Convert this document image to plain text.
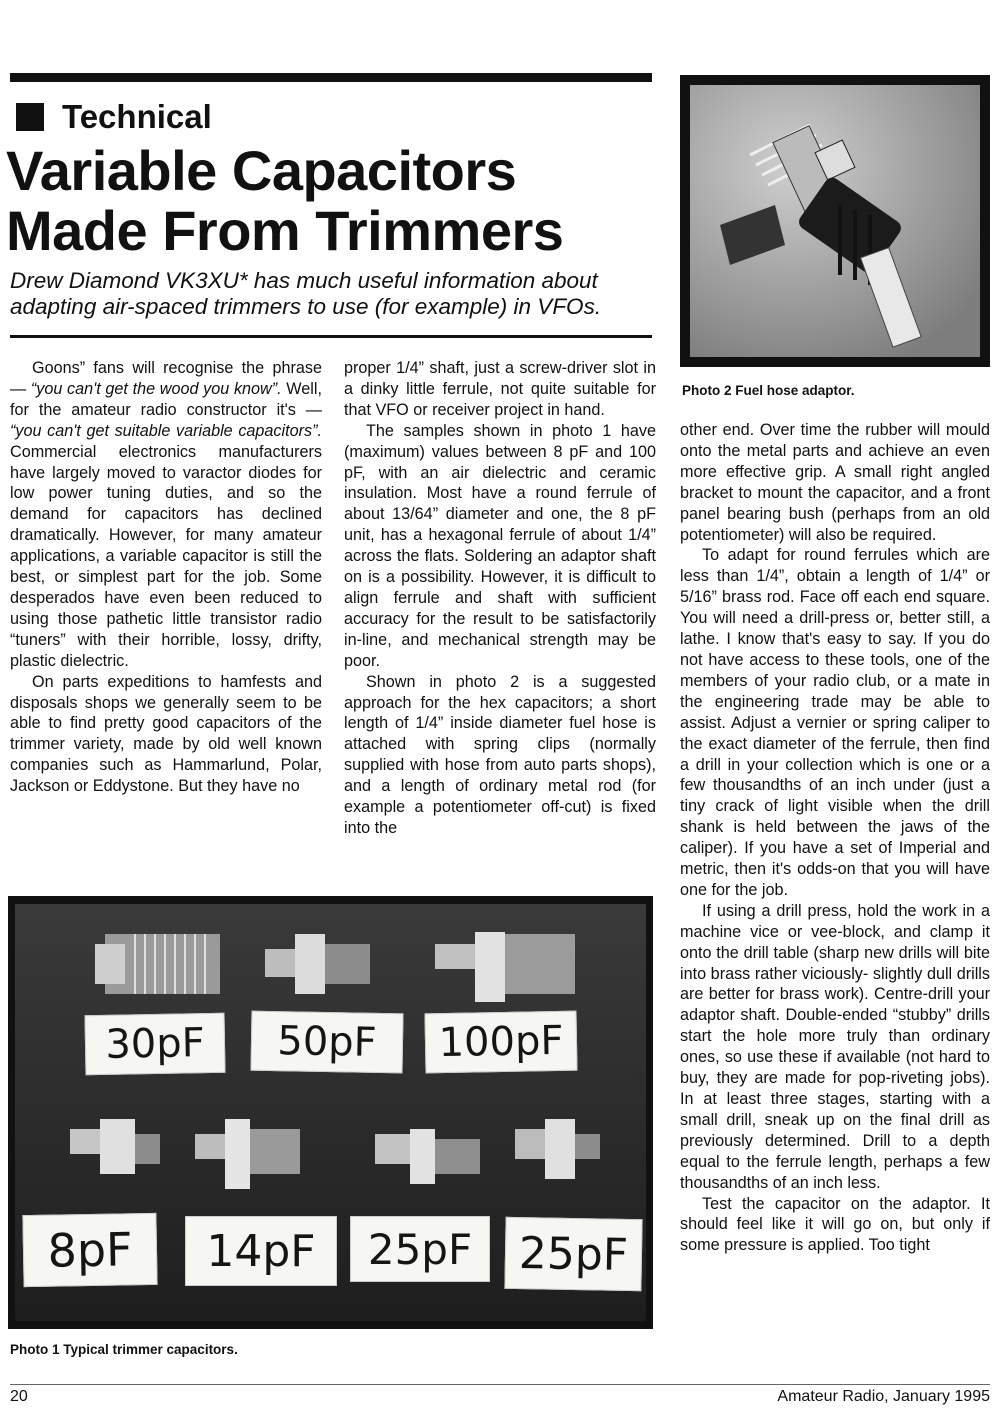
Technical
Variable Capacitors
Made From Trimmers
Drew Diamond VK3XU* has much useful information about adapting air-spaced trimmers to use (for example) in VFOs.

Goons” fans will recognise the phrase — “you can't get the wood you know”. Well, for the amateur radio constructor it's — “you can't get suitable variable capacitors”. Commercial electronics manufacturers have largely moved to varactor diodes for low power tuning duties, and so the demand for capacitors has declined dramatically. However, for many amateur applications, a variable capacitor is still the best, or simplest part for the job. Some desperados have even been reduced to using those pathetic little transistor radio “tuners” with their horrible, lossy, drifty, plastic dielectric.

On parts expeditions to hamfests and disposals shops we generally seem to be able to find pretty good capacitors of the trimmer variety, made by old well known companies such as Hammarlund, Polar, Jackson or Eddystone. But they have no

proper 1/4” shaft, just a screw-driver slot in a dinky little ferrule, not quite suitable for that VFO or receiver project in hand.

The samples shown in photo 1 have (maximum) values between 8 pF and 100 pF, with an air dielectric and ceramic insulation. Most have a round ferrule of about 13/64” diameter and one, the 8 pF unit, has a hexagonal ferrule of about 1/4” across the flats. Soldering an adaptor shaft on is a possibility. However, it is difficult to align ferrule and shaft with sufficient accuracy for the result to be satisfactorily in-line, and mechanical strength may be poor.

Shown in photo 2 is a suggested approach for the hex capacitors; a short length of 1/4” inside diameter fuel hose is attached with spring clips (normally supplied with hose from auto parts shops), and a length of ordinary metal rod (for example a potentiometer off-cut) is fixed into the

Photo 2 Fuel hose adaptor.

other end. Over time the rubber will mould onto the metal parts and achieve an even more effective grip. A small right angled bracket to mount the capacitor, and a front panel bearing bush (perhaps from an old potentiometer) will also be required.

To adapt for round ferrules which are less than 1/4”, obtain a length of 1/4” or 5/16” brass rod. Face off each end square. You will need a drill-press or, better still, a lathe. I know that's easy to say. If you do not have access to these tools, one of the members of your radio club, or a mate in the engineering trade may be able to assist. Adjust a vernier or spring caliper to the exact diameter of the ferrule, then find a drill in your collection which is one or a few thousandths of an inch under (just a tiny crack of light visible when the drill shank is held between the jaws of the caliper). If you have a set of Imperial and metric, then it's odds-on that you will have one for the job.

If using a drill press, hold the work in a machine vice or vee-block, and clamp it onto the drill table (sharp new drills will bite into brass rather viciously- slightly dull drills are better for brass work). Centre-drill your adaptor shaft. Double-ended “stubby” drills start the hole more truly than ordinary ones, so use these if available (not hard to buy, they are made for pop-riveting jobs). In at least three stages, starting with a small drill, sneak up on the final drill as previously determined. Drill to a depth equal to the ferrule length, perhaps a few thousandths of an inch less.

Test the capacitor on the adaptor. It should feel like it will go on, but only if some pressure is applied. Too tight

30pF	50pF	100pF
8pF	14pF	25pF	25pF
Photo 1 Typical trimmer capacitors.
20	Amateur Radio, January 1995
